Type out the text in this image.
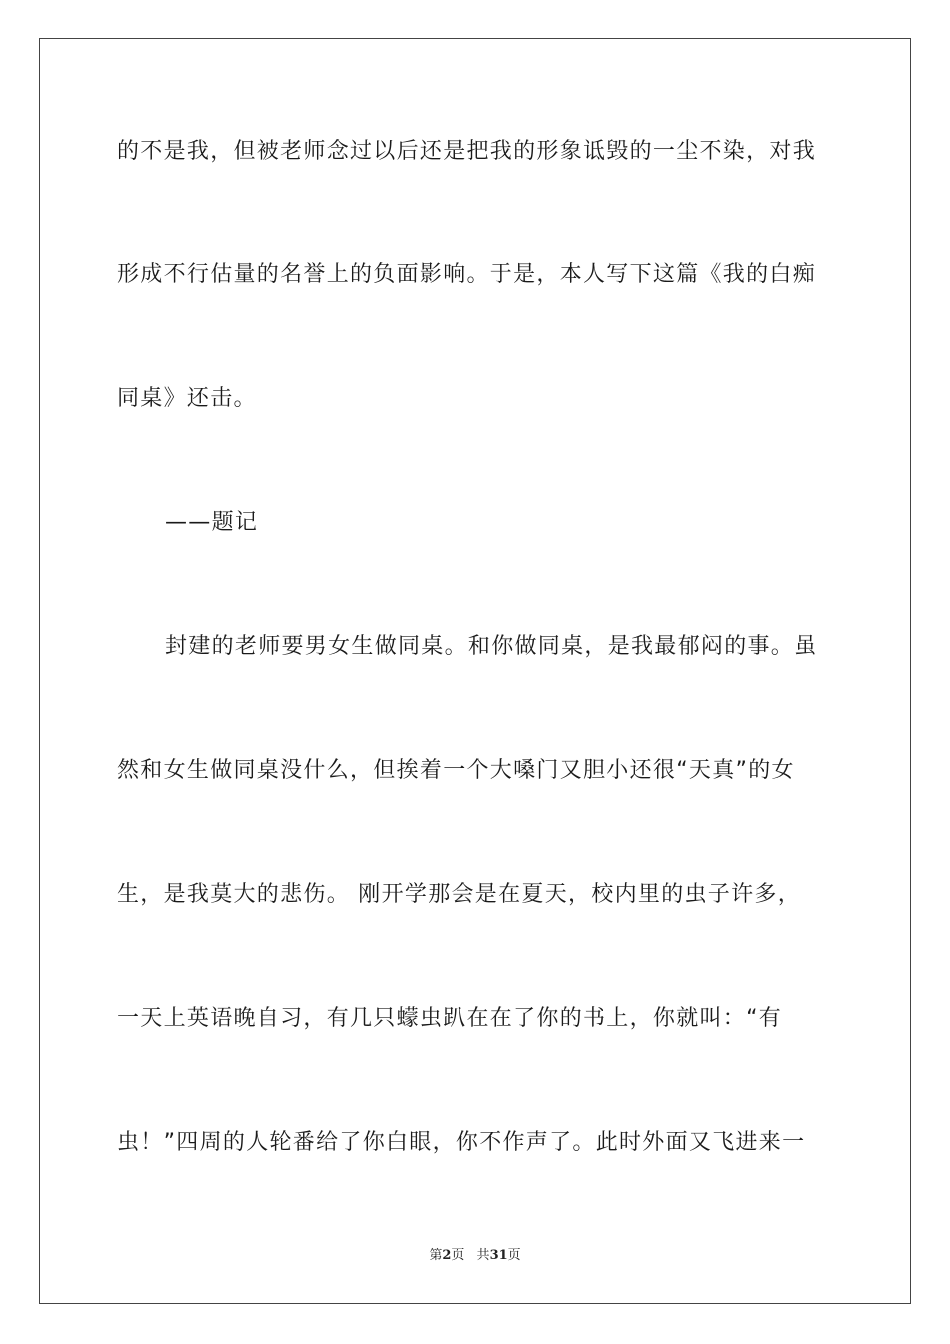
的不是我，但被老师念过以后还是把我的形象诋毁的一尘不染，对我
形成不行估量的名誉上的负面影响。于是，本人写下这篇《我的白痴
同桌》还击。
——题记
封建的老师要男女生做同桌。和你做同桌，是我最郁闷的事。虽
然和女生做同桌没什么，但挨着一个大嗓门又胆小还很“天真”的女
生，是我莫大的悲伤。 刚开学那会是在夏天，校内里的虫子许多，
一天上英语晚自习，有几只蠓虫趴在在了你的书上，你就叫：“有
虫！”四周的人轮番给了你白眼，你不作声了。此时外面又飞进来一
第2页 共31页
